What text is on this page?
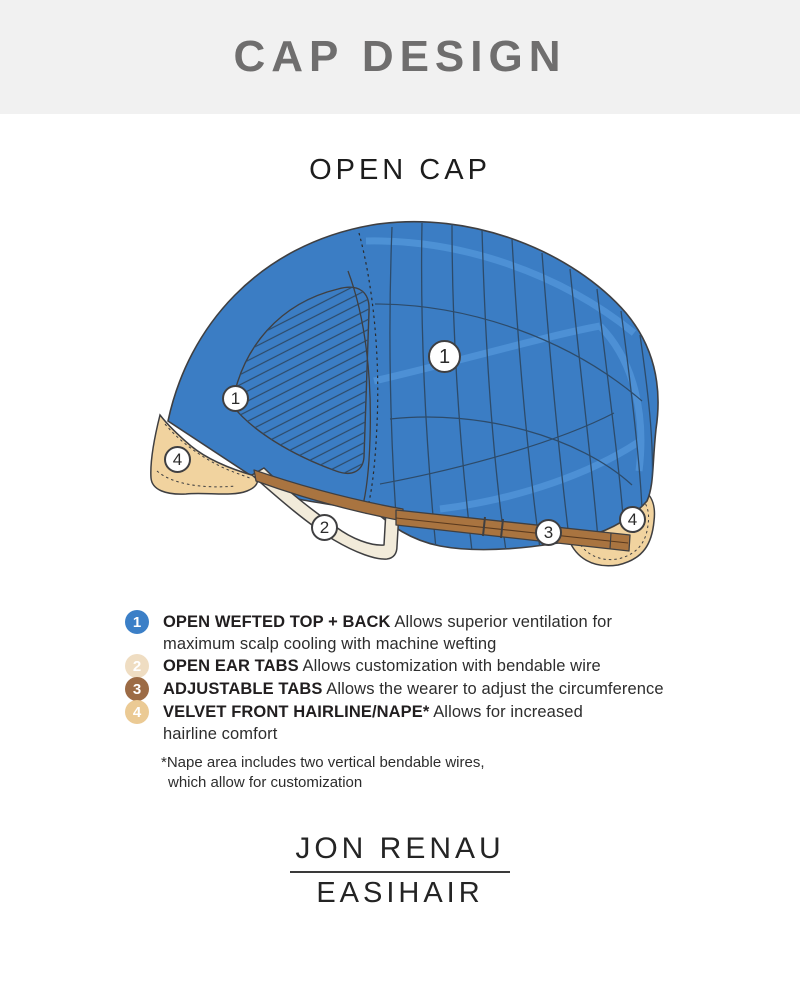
CAP DESIGN
OPEN CAP
1
1
2	3
4
4
1	OPEN WEFTED TOP + BACK Allows superior ventilation for maximum scalp cooling with machine wefting

2	OPEN EAR TABS Allows customization with bendable wire

3	ADJUSTABLE TABS Allows the wearer to adjust the circumference

4	VELVET FRONT HAIRLINE/NAPE* Allows for increased hairline comfort

*Nape area includes two vertical bendable wires,
which allow for customization
JON RENAU
EASIHAIR
